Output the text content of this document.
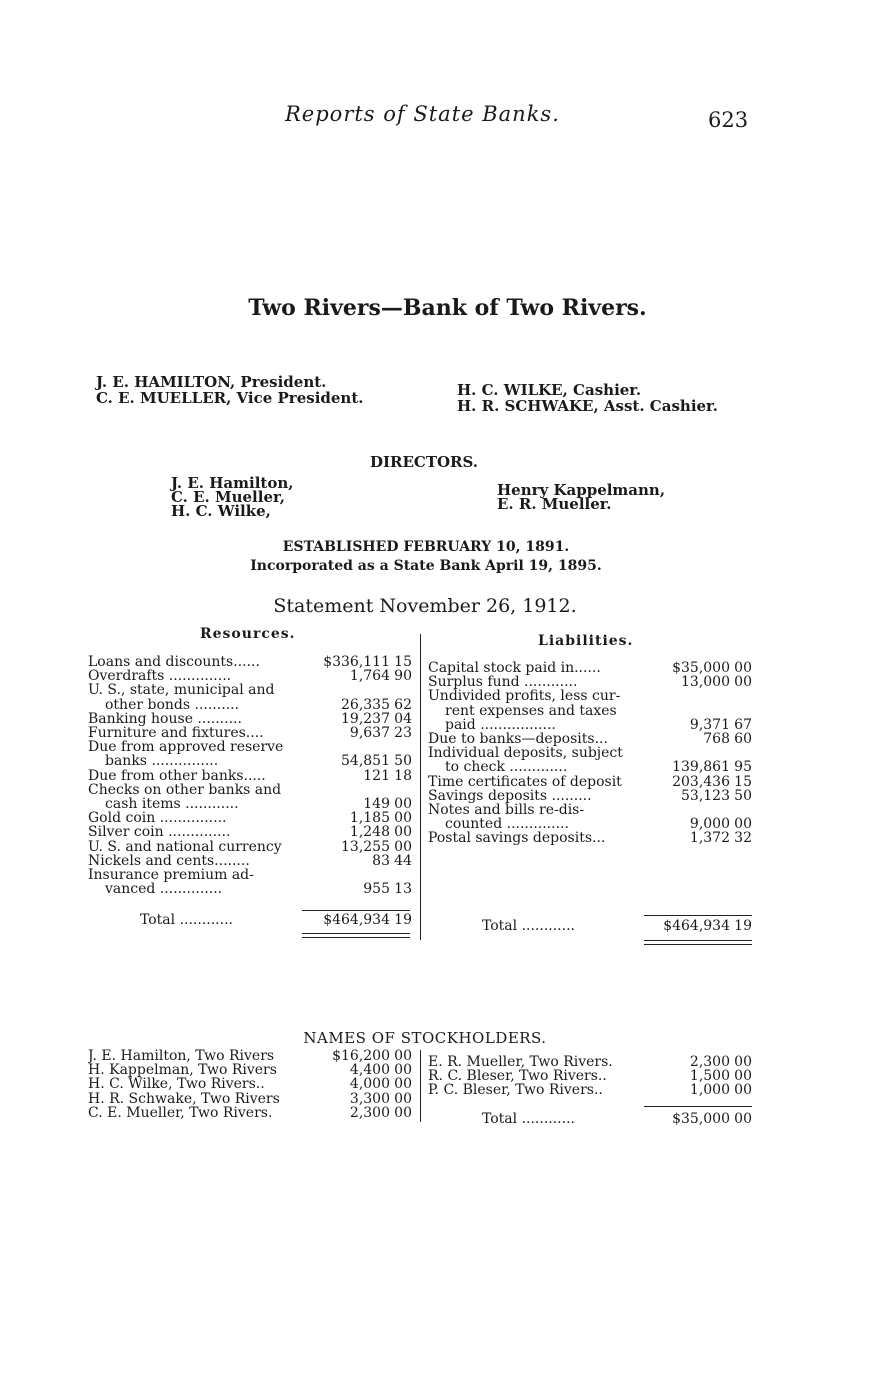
Reports of State Banks.	623
Two Rivers—Bank of Two Rivers.
J. E. HAMILTON, President.
C. E. MUELLER, Vice President.	H. C. WILKE, Cashier.
H. R. SCHWAKE, Asst. Cashier.
DIRECTORS.
J. E. Hamilton,
C. E. Mueller,
H. C. Wilke,
Henry Kappelmann,
E. R. Mueller.
ESTABLISHED FEBRUARY 10, 1891.
Incorporated as a State Bank April 19, 1895.
Statement November 26, 1912.
Resources.
Loans and discounts......	$336,111 15
Overdrafts ..............	1,764 90
U. S., state, municipal and
other bonds ..........	26,335 62
Banking house ..........	19,237 04
Furniture and fixtures....	9,637 23
Due from approved reserve
banks ...............	54,851 50
Due from other banks.....	121 18
Checks on other banks and
cash items ............	149 00
Gold coin ...............	1,185 00
Silver coin ..............	1,248 00
U. S. and national currency	13,255 00
Nickels and cents........	83 44
Insurance premium ad-
vanced ..............	955 13
Total ............	$464,934 19
Liabilities.
Capital stock paid in......	$35,000 00
Surplus fund ............	13,000 00
Undivided profits, less cur-
rent expenses and taxes
paid .................	9,371 67
Due to banks—deposits...	768 60
Individual deposits, subject
to check .............	139,861 95
Time certificates of deposit	203,436 15
Savings deposits .........	53,123 50
Notes and bills re-dis-
counted ..............	9,000 00
Postal savings deposits...	1,372 32
Total ............	$464,934 19
NAMES OF STOCKHOLDERS.
J. E. Hamilton, Two Rivers	$16,200 00
H. Kappelman, Two Rivers	4,400 00
H. C. Wilke, Two Rivers..	4,000 00
H. R. Schwake, Two Rivers	3,300 00
C. E. Mueller, Two Rivers.	2,300 00
E. R. Mueller, Two Rivers.	2,300 00
R. C. Bleser, Two Rivers..	1,500 00
P. C. Bleser, Two Rivers..	1,000 00
Total ............	$35,000 00
